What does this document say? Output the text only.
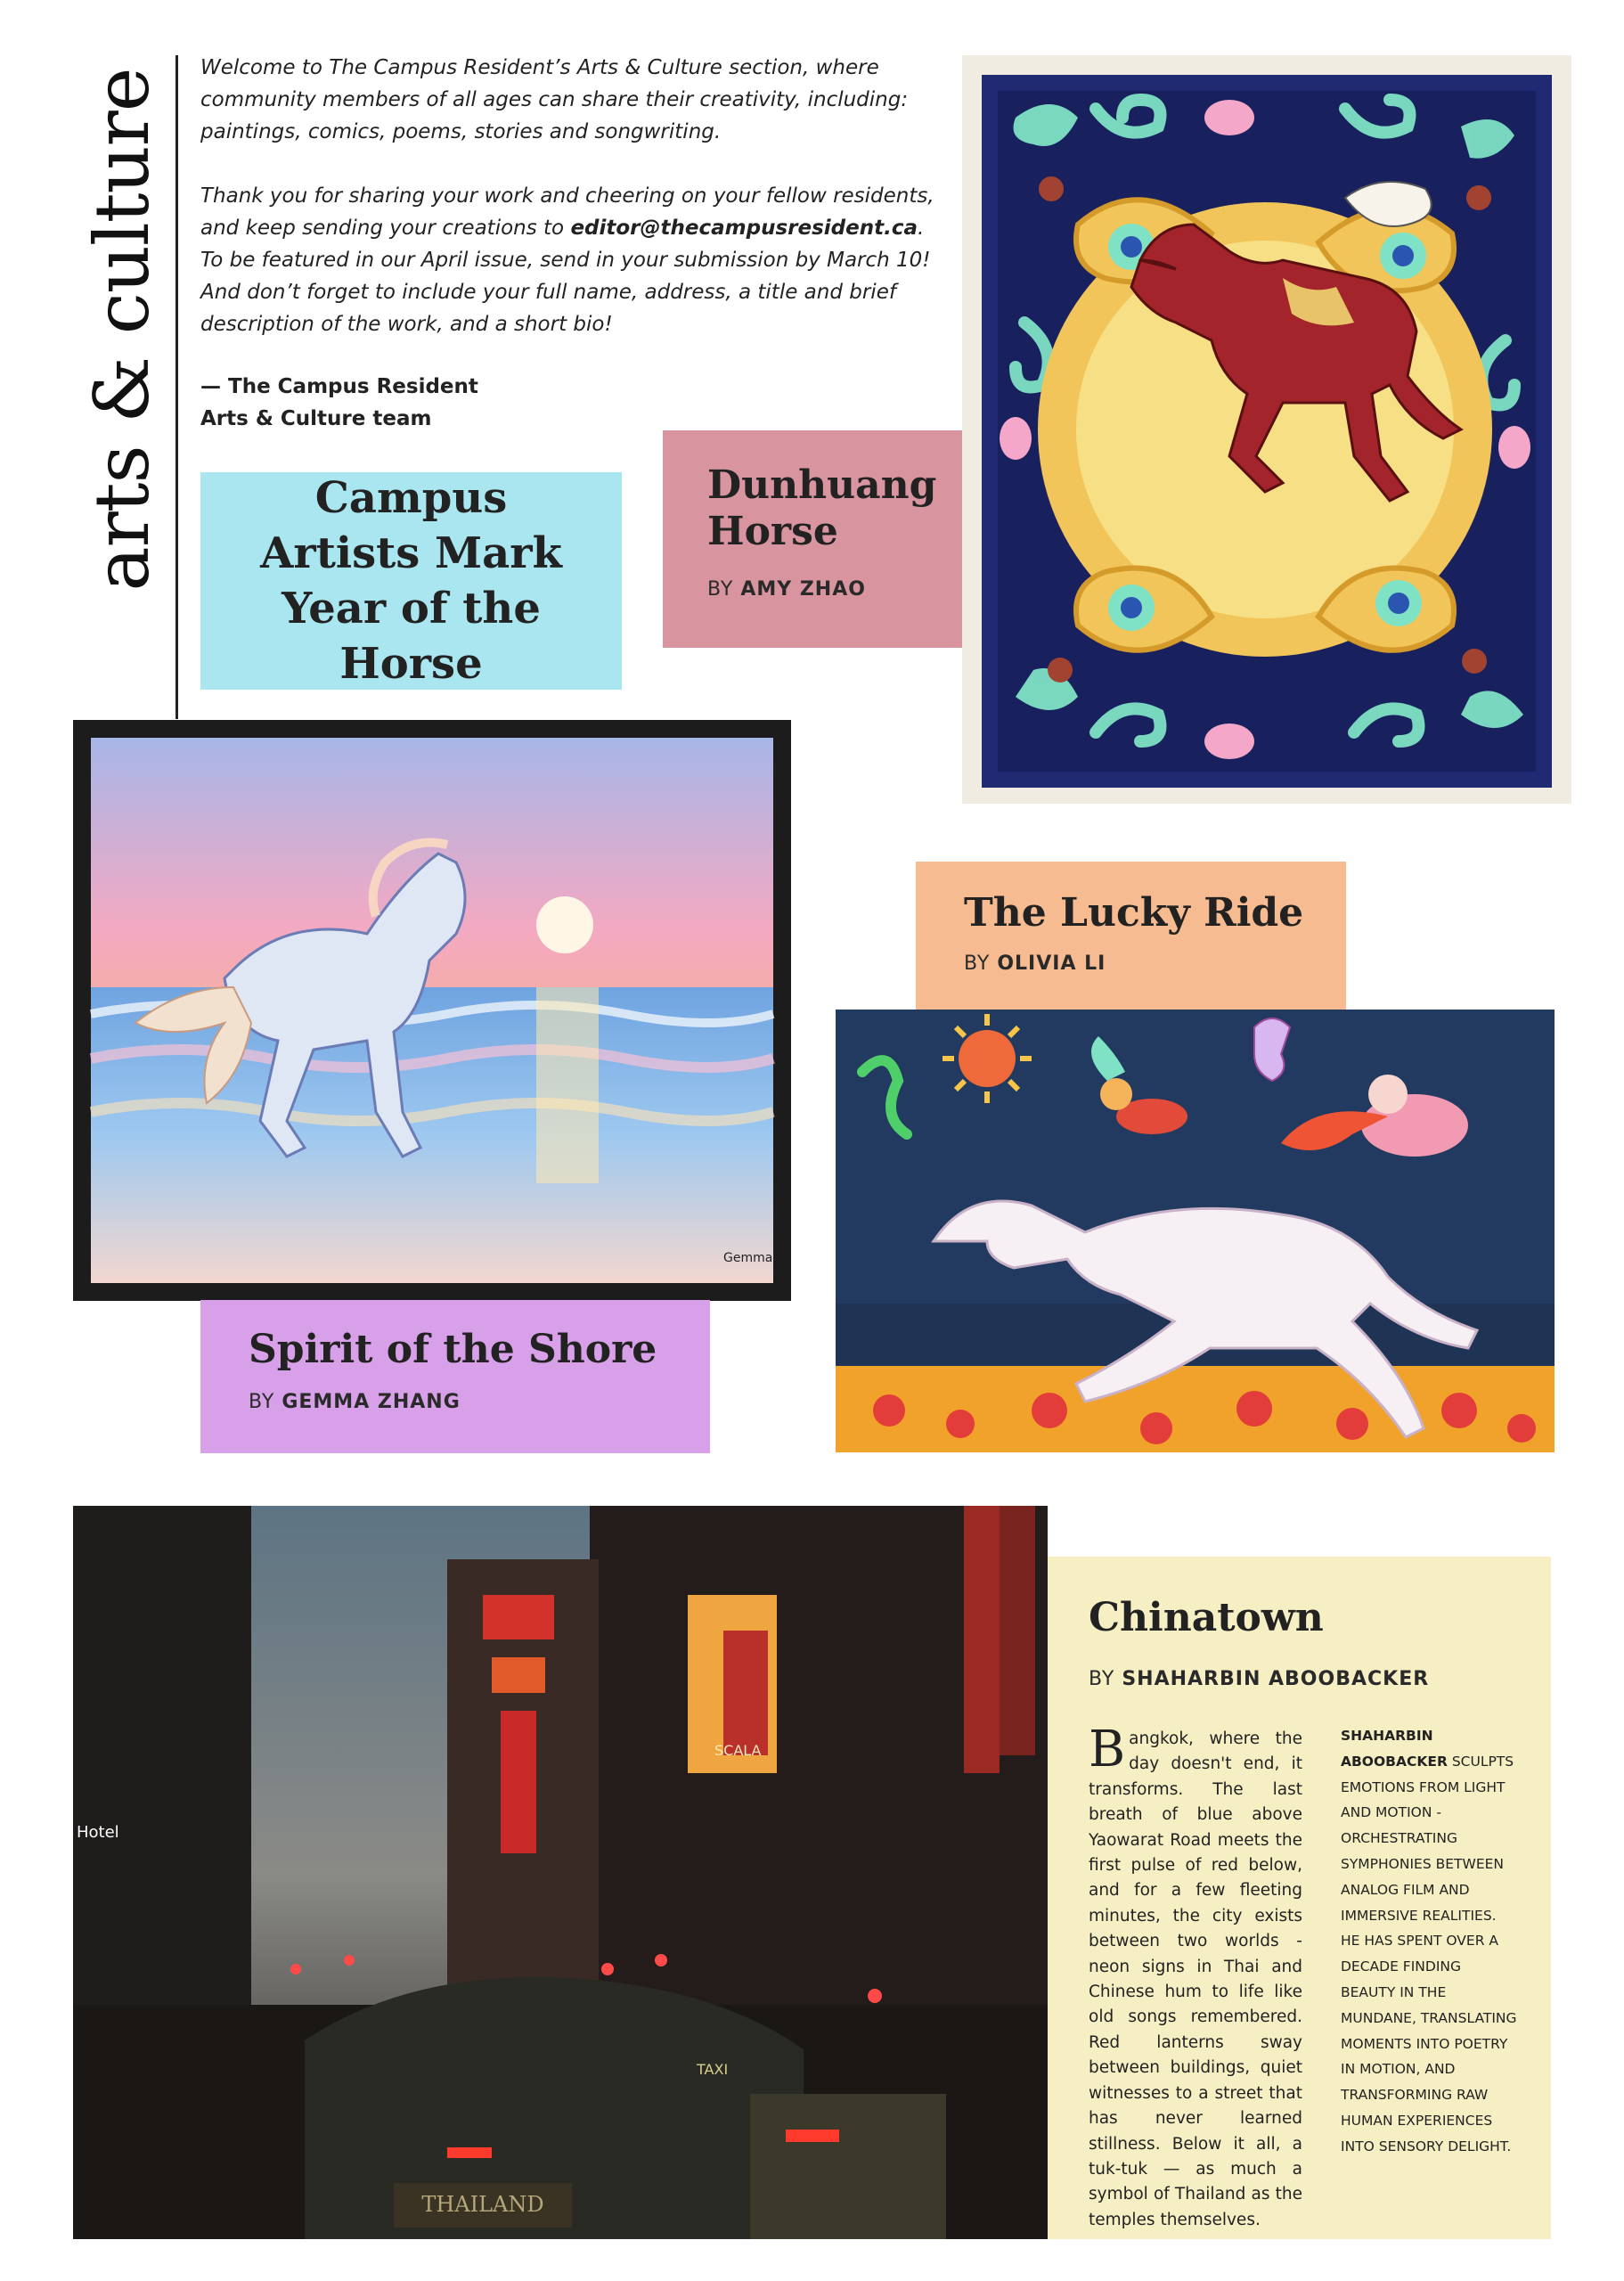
arts & culture

Welcome to The Campus Resident’s Arts & Culture section, where community members of all ages can share their creativity, including: paintings, comics, poems, stories and songwriting.

Thank you for sharing your work and cheering on your fellow residents, and keep sending your creations to editor@thecampusresident.ca. To be featured in our April issue, send in your submission by March 10! And don’t forget to include your full name, address, a title and brief description of the work, and a short bio!

— The Campus Resident
Arts & Culture team
Campus Artists Mark Year of the Horse
Dunhuang Horse
BY AMY ZHAO
Gemma
Spirit of the Shore
BY GEMMA ZHANG
The Lucky Ride
BY OLIVIA LI
THAILAND
Hotel
TAXI
SCALA
Chinatown
BY SHAHARBIN ABOOBACKER
Bangkok, where the day doesn't end, it transforms. The last breath of blue above Yaowarat Road meets the first pulse of red below, and for a few fleeting minutes, the city exists between two worlds - neon signs in Thai and Chinese hum to life like old songs remembered. Red lanterns sway between buildings, quiet witnesses to a street that has never learned stillness. Below it all, a tuk-tuk — as much a symbol of Thailand as the temples themselves.
SHAHARBIN ABOOBACKER SCULPTS EMOTIONS FROM LIGHT AND MOTION - ORCHESTRATING SYMPHONIES BETWEEN ANALOG FILM AND IMMERSIVE REALITIES. HE HAS SPENT OVER A DECADE FINDING BEAUTY IN THE MUNDANE, TRANSLATING MOMENTS INTO POETRY IN MOTION, AND TRANSFORMING RAW HUMAN EXPERIENCES INTO SENSORY DELIGHT.
